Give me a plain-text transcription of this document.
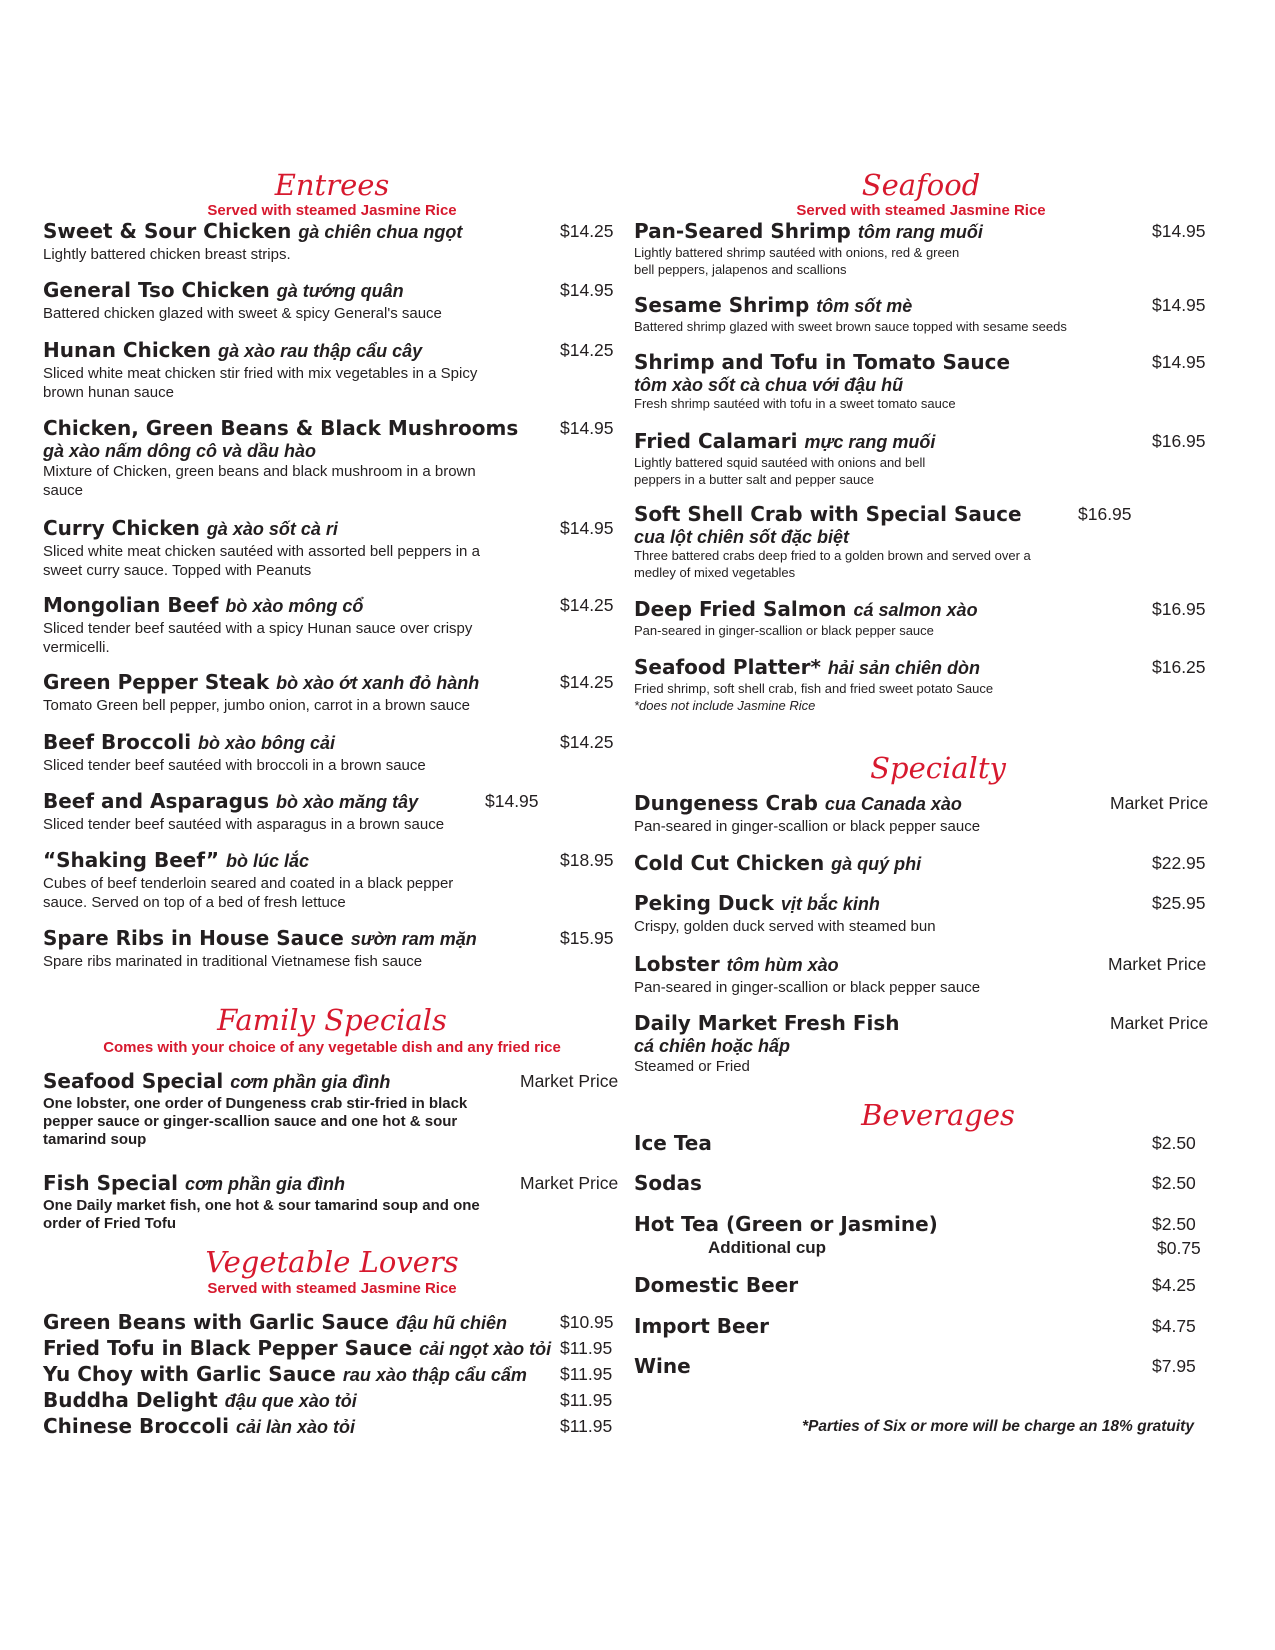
Entrees
Served with steamed Jasmine Rice
Seafood
Served with steamed Jasmine Rice
Family Specials
Comes with your choice of any vegetable dish and any fried rice
Vegetable Lovers
Served with steamed Jasmine Rice
Specialty
Beverages
Sweet & Sour Chicken gà chiên chua ngọt
Lightly battered chicken breast strips.
$14.25
General Tso Chicken gà tướng quân
Battered chicken glazed with sweet & spicy General's sauce
$14.95
Hunan Chicken gà xào rau thập cẩu cây
Sliced white meat chicken stir fried with mix vegetables in a Spicy brown hunan sauce
$14.25
Chicken, Green Beans & Black Mushrooms
gà xào nấm dông cô và dầu hào
Mixture of Chicken, green beans and black mushroom in a brown sauce
$14.95
Curry Chicken gà xào sốt cà ri
Sliced white meat chicken sautéed with assorted bell peppers in a sweet curry sauce. Topped with Peanuts
$14.95
Mongolian Beef bò xào mông cổ
Sliced tender beef sautéed with a spicy Hunan sauce over crispy vermicelli.
$14.25
Green Pepper Steak bò xào ớt xanh đỏ hành
Tomato Green bell pepper, jumbo onion, carrot in a brown sauce
$14.25
Beef Broccoli bò xào bông cải
Sliced tender beef sautéed with broccoli in a brown sauce
$14.25
Beef and Asparagus bò xào măng tây
Sliced tender beef sautéed with asparagus in a brown sauce
$14.95
“Shaking Beef” bò lúc lắc
Cubes of beef tenderloin seared and coated in a black pepper sauce. Served on top of a bed of fresh lettuce
$18.95
Spare Ribs in House Sauce sườn ram mặn
Spare ribs marinated in traditional Vietnamese fish sauce
$15.95
Seafood Special cơm phần gia đình
One lobster, one order of Dungeness crab stir-fried in black pepper sauce or ginger-scallion sauce and one hot & sour tamarind soup
Market Price
Fish Special cơm phần gia đình
One Daily market fish, one hot & sour tamarind soup and one order of Fried Tofu
Market Price
Green Beans with Garlic Sauce đậu hũ chiên	$10.95
Fried Tofu in Black Pepper Sauce cải ngọt xào tỏi $11.95
Yu Choy with Garlic Sauce rau xào thập cẩu cẩm $11.95
Buddha Delight đậu que xào tỏi	$11.95
Chinese Broccoli cải làn xào tỏi	$11.95
Pan-Seared Shrimp tôm rang muối
Lightly battered shrimp sautéed with onions, red & green bell peppers, jalapenos and scallions
$14.95
Sesame Shrimp tôm sốt mè
Battered shrimp glazed with sweet brown sauce topped with sesame seeds
$14.95
Shrimp and Tofu in Tomato Sauce
tôm xào sốt cà chua với đậu hũ
Fresh shrimp sautéed with tofu in a sweet tomato sauce
$14.95
Fried Calamari mực rang muối
Lightly battered squid sautéed with onions and bell peppers in a butter salt and pepper sauce
$16.95
Soft Shell Crab with Special Sauce
cua lột chiên sốt đặc biệt
Three battered crabs deep fried to a golden brown and served over a medley of mixed vegetables
$16.95
Deep Fried Salmon cá salmon xào
Pan-seared in ginger-scallion or black pepper sauce
$16.95
Seafood Platter* hải sản chiên dòn
Fried shrimp, soft shell crab, fish and fried sweet potato Sauce
*does not include Jasmine Rice
$16.25
Dungeness Crab cua Canada xào
Pan-seared in ginger-scallion or black pepper sauce
Market Price
Cold Cut Chicken gà quý phi	$22.95
Peking Duck vịt bắc kinh
Crispy, golden duck served with steamed bun
$25.95
Lobster tôm hùm xào
Pan-seared in ginger-scallion or black pepper sauce
Market Price
Daily Market Fresh Fish
cá chiên hoặc hấp
Steamed or Fried
Market Price
Ice Tea	$2.50
Sodas	$2.50
Hot Tea (Green or Jasmine)	$2.50
Additional cup	$0.75
Domestic Beer	$4.25
Import Beer	$4.75
Wine	$7.95
*Parties of Six or more will be charge an 18% gratuity
